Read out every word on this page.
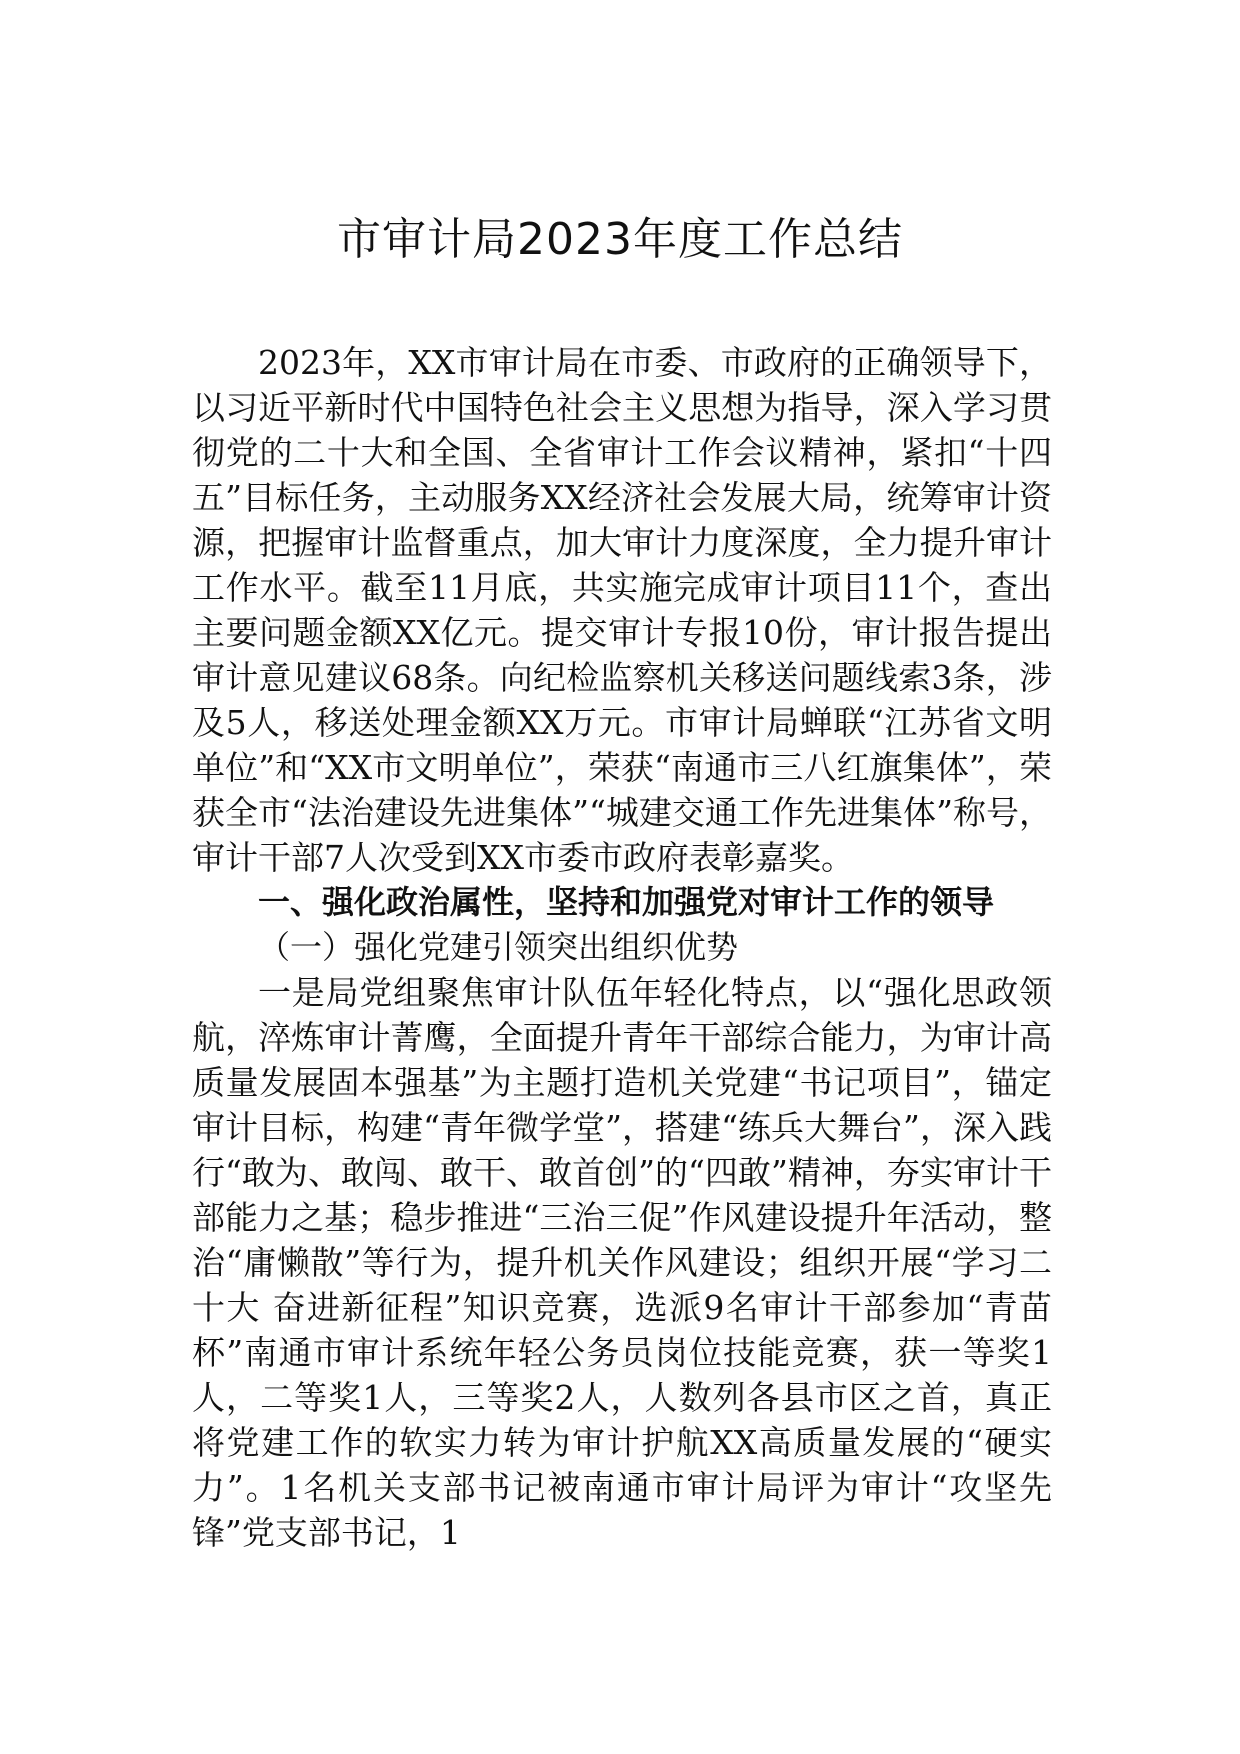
市审计局2023年度工作总结

2023年，XX市审计局在市委、市政府的正确领导下，以习近平新时代中国特色社会主义思想为指导，深入学习贯彻党的二十大和全国、全省审计工作会议精神，紧扣“十四五”目标任务，主动服务XX经济社会发展大局，统筹审计资源，把握审计监督重点，加大审计力度深度，全力提升审计工作水平。截至11月底，共实施完成审计项目11个，查出主要问题金额XX亿元。提交审计专报10份，审计报告提出审计意见建议68条。向纪检监察机关移送问题线索3条，涉及5人，移送处理金额XX万元。市审计局蝉联“江苏省文明单位”和“XX市文明单位”，荣获“南通市三八红旗集体”，荣获全市“法治建设先进集体”“城建交通工作先进集体”称号，审计干部7人次受到XX市委市政府表彰嘉奖。

一、强化政治属性，坚持和加强党对审计工作的领导

（一）强化党建引领突出组织优势

一是局党组聚焦审计队伍年轻化特点，以“强化思政领航，淬炼审计菁鹰，全面提升青年干部综合能力，为审计高质量发展固本强基”为主题打造机关党建“书记项目”，锚定审计目标，构建“青年微学堂”，搭建“练兵大舞台”，深入践行“敢为、敢闯、敢干、敢首创”的“四敢”精神，夯实审计干部能力之基；稳步推进“三治三促”作风建设提升年活动，整治“庸懒散”等行为，提升机关作风建设；组织开展“学习二十大 奋进新征程”知识竞赛，选派9名审计干部参加“青苗杯”南通市审计系统年轻公务员岗位技能竞赛，获一等奖1人，二等奖1人，三等奖2人，人数列各县市区之首，真正将党建工作的软实力转为审计护航XX高质量发展的“硬实力”。1名机关支部书记被南通市审计局评为审计“攻坚先锋”党支部书记，1
